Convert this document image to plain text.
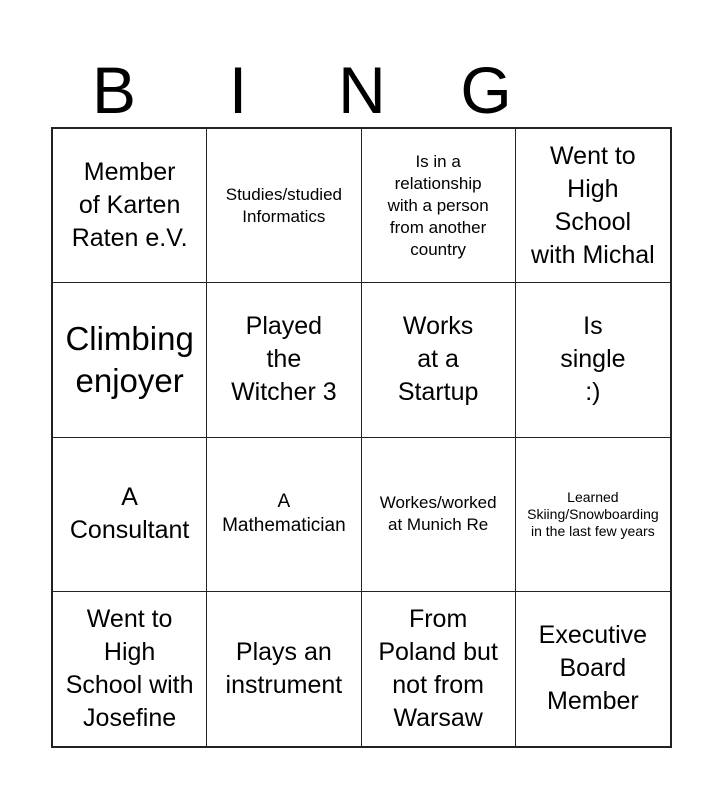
B	I	N	G
Member
of Karten
Raten e.V.
Studies/studied
Informatics
Is in a
relationship
with a person
from another
country
Went to
High
School
with Michal
Climbing
enjoyer
Played
the
Witcher 3
Works
at a
Startup
Is
single
:)
A
Consultant
A
Mathematician
Workes/worked
at Munich Re
Learned
Skiing/Snowboarding
in the last few years
Went to
High
School with
Josefine
Plays an
instrument
From
Poland but
not from
Warsaw
Executive
Board
Member
